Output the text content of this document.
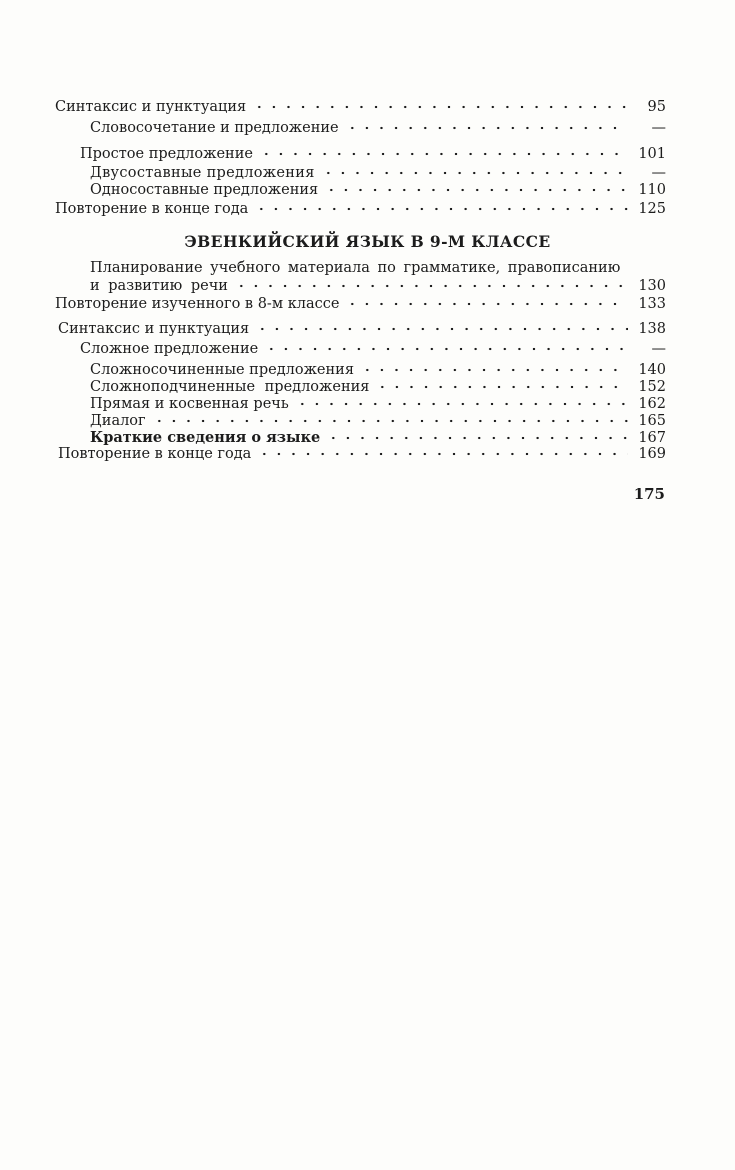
Синтаксис и пунктуация	95
Словосочетание и предложение	—
Простое предложение	101
Двусоставные предложения	—
Односоставные предложения	110
Повторение в конце года	125
ЭВЕНКИЙСКИЙ ЯЗЫК В 9-М КЛАССЕ
Планирование учебного материала по грамматике, правописанию
и развитию речи	130
Повторение изученного в 8-м классе	133
Синтаксис и пунктуация	138
Сложное предложение	—
Сложносочиненные предложения	140
Сложноподчиненные предложения	152
Прямая и косвенная речь	162
Диалог	165
Краткие сведения о языке	167
Повторение в конце года	169
175
